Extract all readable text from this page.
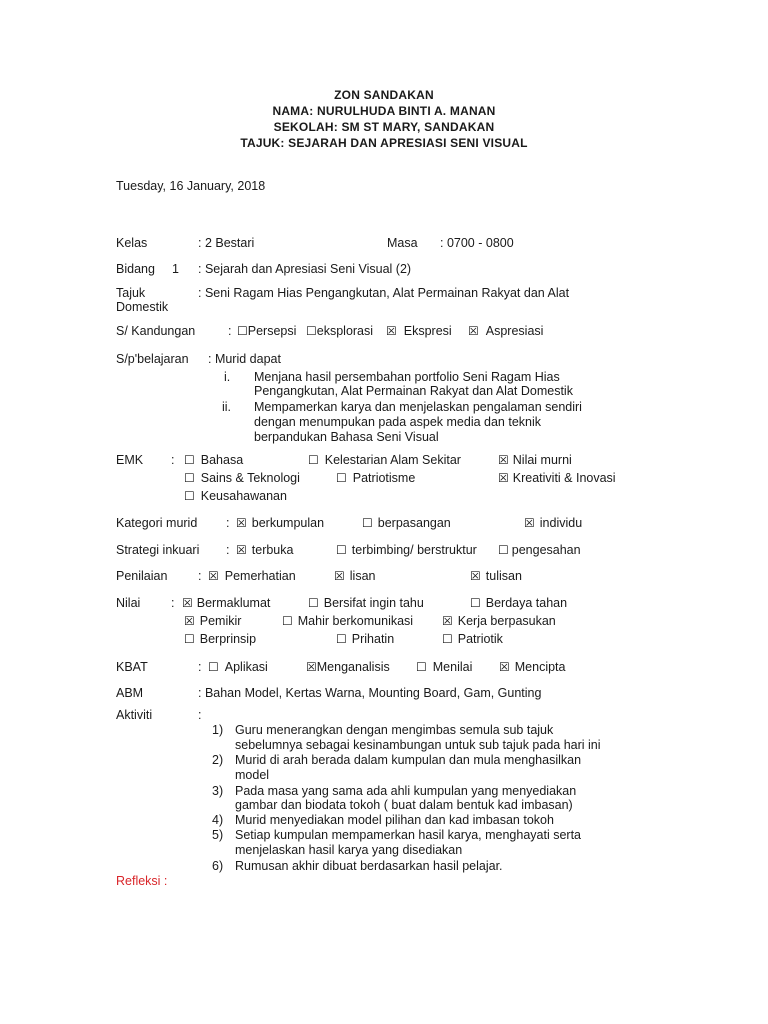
ZON SANDAKAN
NAMA: NURULHUDA BINTI A. MANAN
SEKOLAH: SM ST MARY, SANDAKAN
TAJUK: SEJARAH DAN APRESIASI SENI VISUAL
Tuesday, 16 January, 2018
Kelas	: 2 Bestari	Masa : 0700 - 0800
Bidang 1 : Sejarah dan Apresiasi Seni Visual (2)
Tajuk	: Seni Ragam Hias Pengangkutan, Alat Permainan Rakyat dan Alat
Domestik
S/ Kandungan	: ☐Persepsi ☐eksplorasi ☒ Ekspresi ☒ Aspresiasi
S/p'belajaran : Murid dapat
i. Menjana hasil persembahan portfolio Seni Ragam Hias
Pengangkutan, Alat Permainan Rakyat dan Alat Domestik
ii. Mempamerkan karya dan menjelaskan pengalaman sendiri
dengan menumpukan pada aspek media dan teknik
berpandukan Bahasa Seni Visual
EMK : ☐ Bahasa	☐ Kelestarian Alam Sekitar	☒ Nilai murni
☐ Sains & Teknologi	☐ Patriotisme	☒ Kreativiti & Inovasi
☐ Keusahawanan
Kategori murid : ☒ berkumpulan	☐ berpasangan	☒ individu
Strategi inkuari : ☒ terbuka	☐ terbimbing/ berstruktur ☐ pengesahan
Penilaian : ☒ Pemerhatian	☒ lisan	☒ tulisan
Nilai : ☒ Bermaklumat	☐ Bersifat ingin tahu	☐ Berdaya tahan
☒ Pemikir	☐ Mahir berkomunikasi ☒ Kerja berpasukan
☐ Berprinsip	☐ Prihatin	☐ Patriotik
KBAT	: ☐ Aplikasi	☒Menganalisis ☐ Menilai ☒ Mencipta
ABM	: Bahan Model, Kertas Warna, Mounting Board, Gam, Gunting
Aktiviti	:
1) Guru menerangkan dengan mengimbas semula sub tajuk
sebelumnya sebagai kesinambungan untuk sub tajuk pada hari ini
2) Murid di arah berada dalam kumpulan dan mula menghasilkan
model
3) Pada masa yang sama ada ahli kumpulan yang menyediakan
gambar dan biodata tokoh ( buat dalam bentuk kad imbasan)
4) Murid menyediakan model pilihan dan kad imbasan tokoh
5) Setiap kumpulan mempamerkan hasil karya, menghayati serta
menjelaskan hasil karya yang disediakan
6) Rumusan akhir dibuat berdasarkan hasil pelajar.
Refleksi :
